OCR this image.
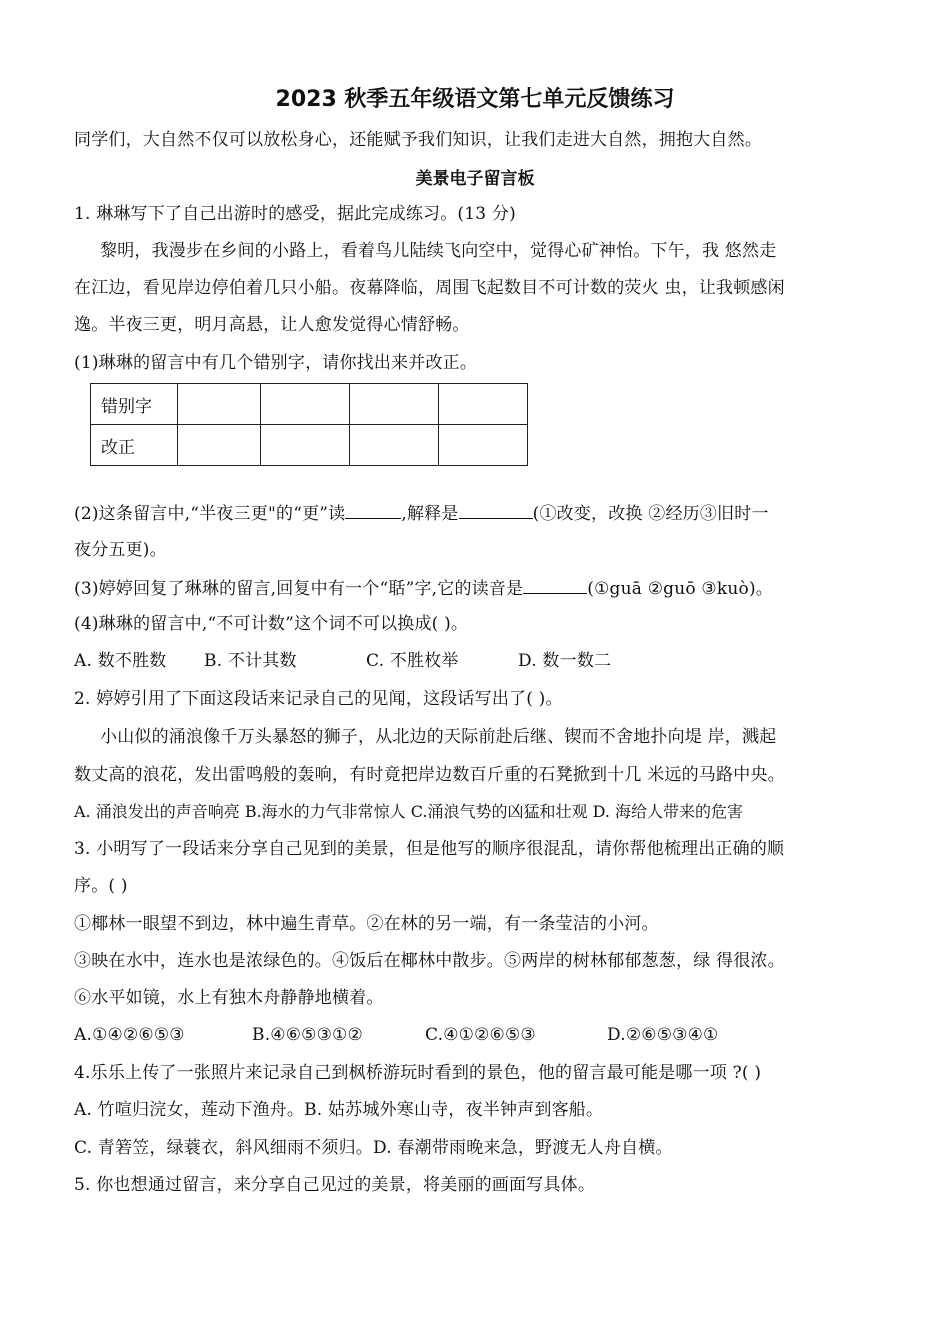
2023 秋季五年级语文第七单元反馈练习
同学们，大自然不仅可以放松身心，还能赋予我们知识，让我们走进大自然，拥抱大自然。
美景电子留言板
1. 琳琳写下了自己出游时的感受，据此完成练习。(13 分)
黎明，我漫步在乡间的小路上，看着鸟儿陆续飞向空中，觉得心矿神怡。下午，我 悠然走
在江边，看见岸边停伯着几只小船。夜幕降临，周围飞起数目不可计数的荧火 虫，让我顿感闲
逸。半夜三更，明月高悬，让人愈发觉得心情舒畅。
(1)琳琳的留言中有几个错别字，请你找出来并改正。
错别字				
改正				
(2)这条留言中,“半夜三更"的“更”读	,解释是	(①改变，改换 ②经历③旧时一
夜分五更)。
(3)婷婷回复了琳琳的留言,回复中有一个“聒”字,它的读音是	(①guā ②guō ③kuò)。
(4)琳琳的留言中,“不可计数”这个词不可以换成( )。
A. 数不胜数 B. 不计其数	C. 不胜枚举	D. 数一数二
2. 婷婷引用了下面这段话来记录自己的见闻，这段话写出了( )。
小山似的涌浪像千万头暴怒的狮子，从北边的天际前赴后继、锲而不舍地扑向堤 岸，溅起
数丈高的浪花，发出雷鸣般的轰响，有时竟把岸边数百斤重的石凳掀到十几 米远的马路中央。
A. 涌浪发出的声音响亮 B.海水的力气非常惊人 C.涌浪气势的凶猛和壮观 D. 海给人带来的危害
3. 小明写了一段话来分享自己见到的美景，但是他写的顺序很混乱，请你帮他梳理出正确的顺
序。( )
①椰林一眼望不到边，林中遍生青草。②在林的另一端，有一条莹洁的小河。
③映在水中，连水也是浓绿色的。④饭后在椰林中散步。⑤两岸的树林郁郁葱葱，绿 得很浓。
⑥水平如镜，水上有独木舟静静地横着。
A.①④②⑥⑤③	B.④⑥⑤③①②	C.④①②⑥⑤③	D.②⑥⑤③④①
4.乐乐上传了一张照片来记录自己到枫桥游玩时看到的景色，他的留言最可能是哪一项 ?( )
A. 竹喧归浣女，莲动下渔舟。B. 姑苏城外寒山寺，夜半钟声到客船。
C. 青箬笠，绿蓑衣，斜风细雨不须归。D. 春潮带雨晚来急，野渡无人舟自横。
5. 你也想通过留言，来分享自己见过的美景，将美丽的画面写具体。
